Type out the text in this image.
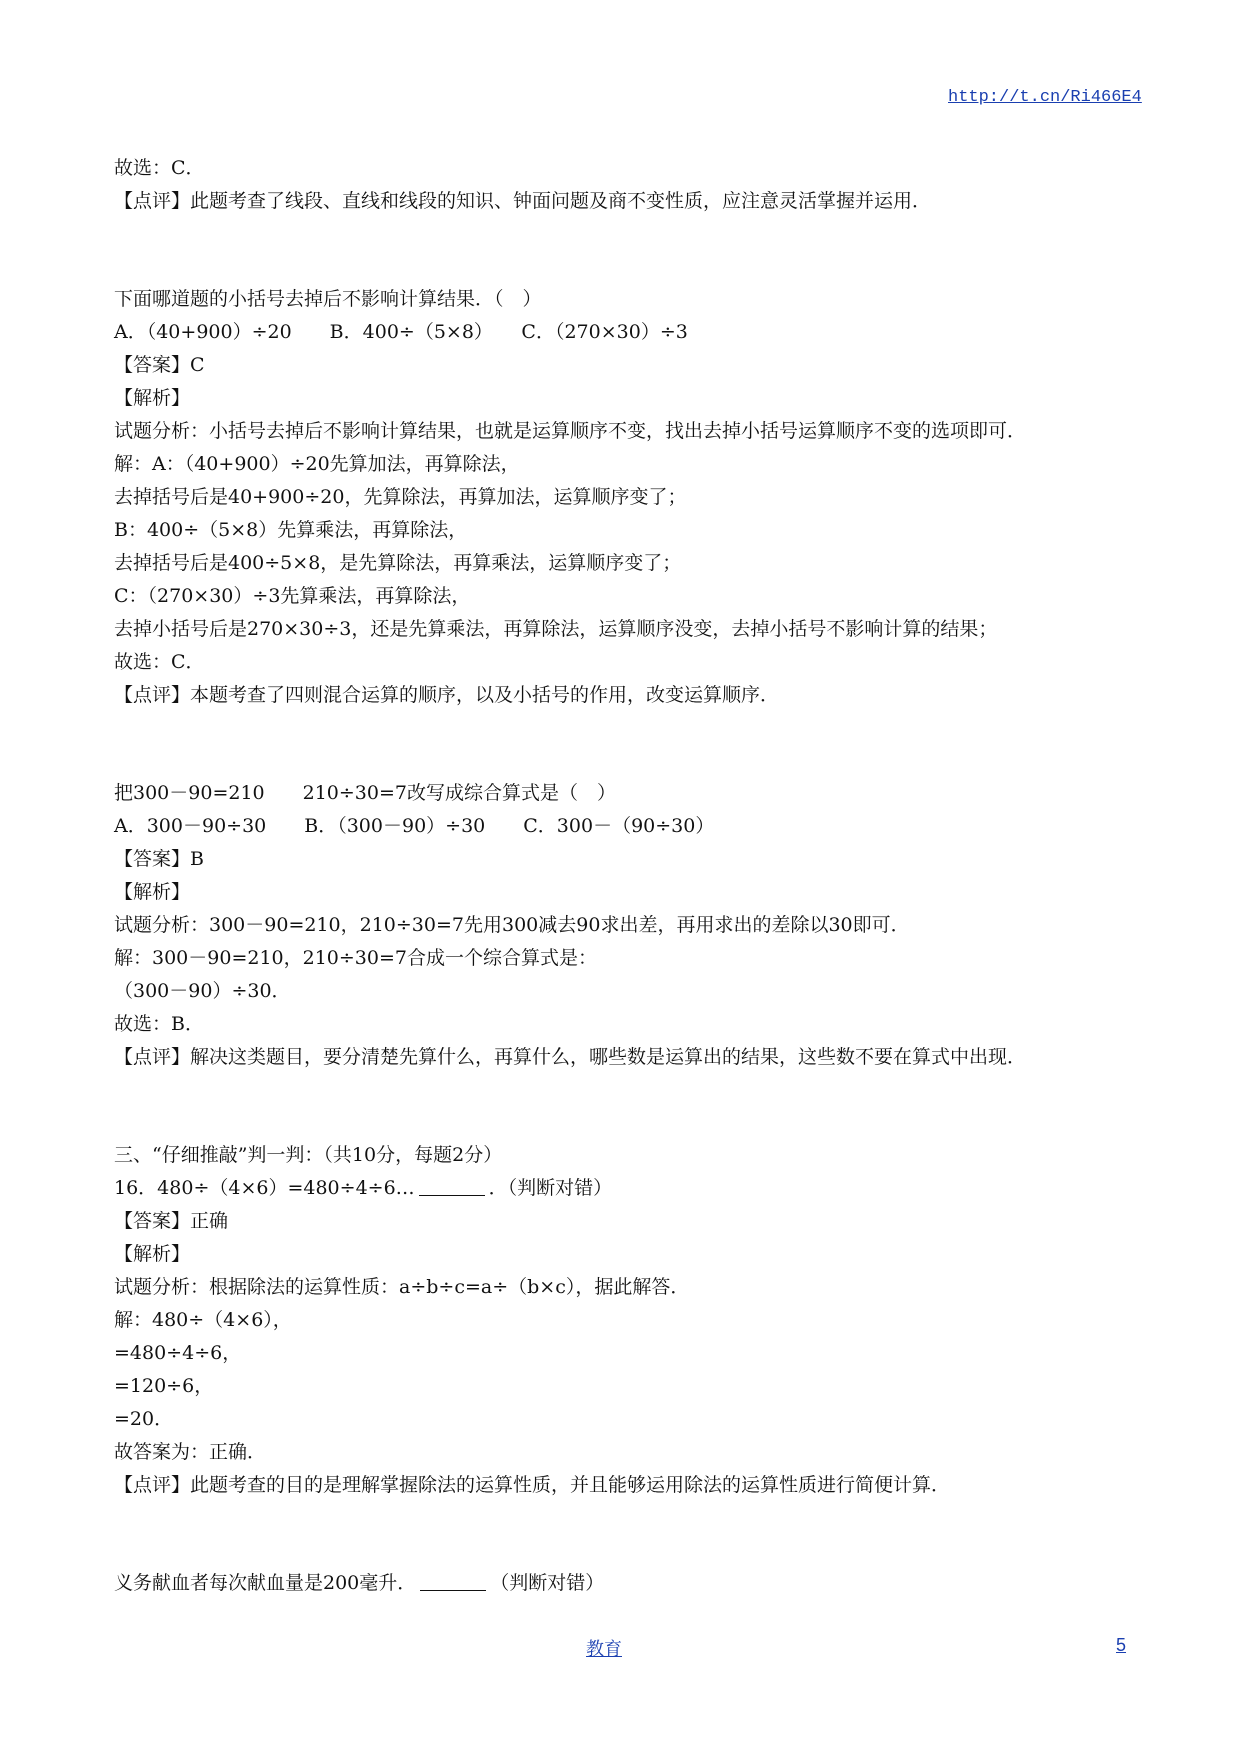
http://t.cn/Ri466E4
故选：C．
【点评】此题考查了线段、直线和线段的知识、钟面问题及商不变性质，应注意灵活掌握并运用．
下面哪道题的小括号去掉后不影响计算结果．（　）
A．（40+900）÷20　　B．400÷（5×8）　　C．（270×30）÷3
【答案】C
【解析】
试题分析：小括号去掉后不影响计算结果，也就是运算顺序不变，找出去掉小括号运算顺序不变的选项即可．
解：A：（40+900）÷20先算加法，再算除法，
去掉括号后是40+900÷20，先算除法，再算加法，运算顺序变了；
B：400÷（5×8）先算乘法，再算除法，
去掉括号后是400÷5×8，是先算除法，再算乘法，运算顺序变了；
C：（270×30）÷3先算乘法，再算除法，
去掉小括号后是270×30÷3，还是先算乘法，再算除法，运算顺序没变，去掉小括号不影响计算的结果；
故选：C．
【点评】本题考查了四则混合运算的顺序，以及小括号的作用，改变运算顺序．
把300－90=210　　210÷30=7改写成综合算式是（　）
A．300－90÷30　　B．（300－90）÷30　　C．300－（90÷30）
【答案】B
【解析】
试题分析：300－90=210，210÷30=7先用300减去90求出差，再用求出的差除以30即可．
解：300－90=210，210÷30=7合成一个综合算式是：
（300－90）÷30．
故选：B．
【点评】解决这类题目，要分清楚先算什么，再算什么，哪些数是运算出的结果，这些数不要在算式中出现．
三、“仔细推敲”判一判：（共10分，每题2分）
16．480÷（4×6）=480÷4÷6…	．（判断对错）
【答案】正确
【解析】
试题分析：根据除法的运算性质：a÷b÷c=a÷（b×c），据此解答．
解：480÷（4×6），
=480÷4÷6，
=120÷6，
=20．
故答案为：正确．
【点评】此题考查的目的是理解掌握除法的运算性质，并且能够运用除法的运算性质进行简便计算．
义务献血者每次献血量是200毫升．	（判断对错）
教育	5
